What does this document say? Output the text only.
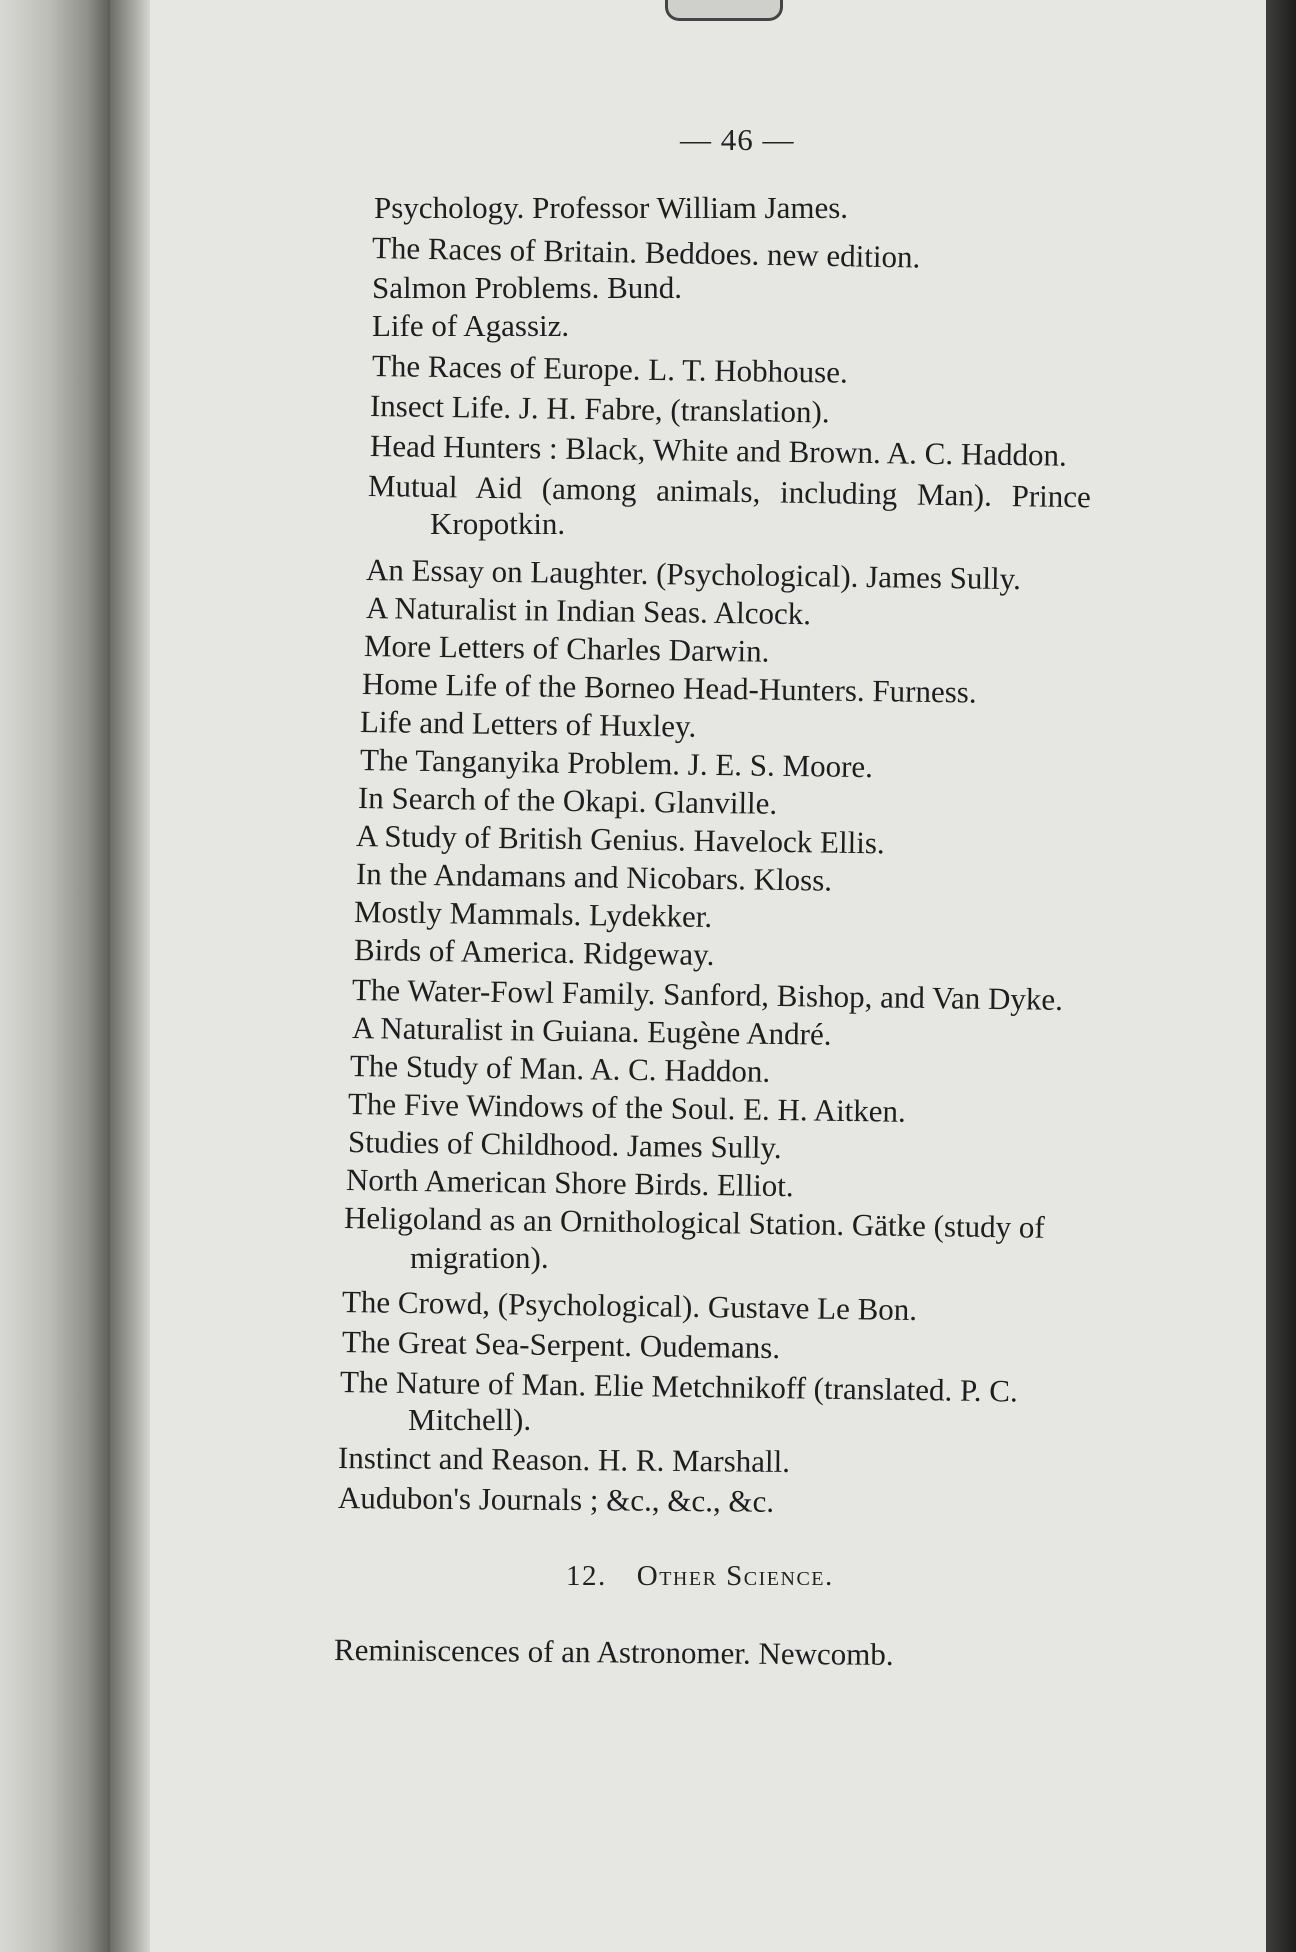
— 46 —

Psychology. Professor William James.

The Races of Britain. Beddoes. new edition.

Salmon Problems. Bund.

Life of Agassiz.

The Races of Europe. L. T. Hobhouse.

Insect Life. J. H. Fabre, (translation).

Head Hunters : Black, White and Brown. A. C. Haddon.

Mutual Aid (among animals, including Man). Prince

Kropotkin.

An Essay on Laughter. (Psychological). James Sully.

A Naturalist in Indian Seas. Alcock.

More Letters of Charles Darwin.

Home Life of the Borneo Head-Hunters. Furness.

Life and Letters of Huxley.

The Tanganyika Problem. J. E. S. Moore.

In Search of the Okapi. Glanville.

A Study of British Genius. Havelock Ellis.

In the Andamans and Nicobars. Kloss.

Mostly Mammals. Lydekker.

Birds of America. Ridgeway.

The Water-Fowl Family. Sanford, Bishop, and Van Dyke.

A Naturalist in Guiana. Eugène André.

The Study of Man. A. C. Haddon.

The Five Windows of the Soul. E. H. Aitken.

Studies of Childhood. James Sully.

North American Shore Birds. Elliot.

Heligoland as an Ornithological Station. Gätke (study of

migration).

The Crowd, (Psychological). Gustave Le Bon.

The Great Sea-Serpent. Oudemans.

The Nature of Man. Elie Metchnikoff (translated. P. C.

Mitchell).

Instinct and Reason. H. R. Marshall.

Audubon's Journals ; &c., &c., &c.

12. Other Science.

Reminiscences of an Astronomer. Newcomb.
